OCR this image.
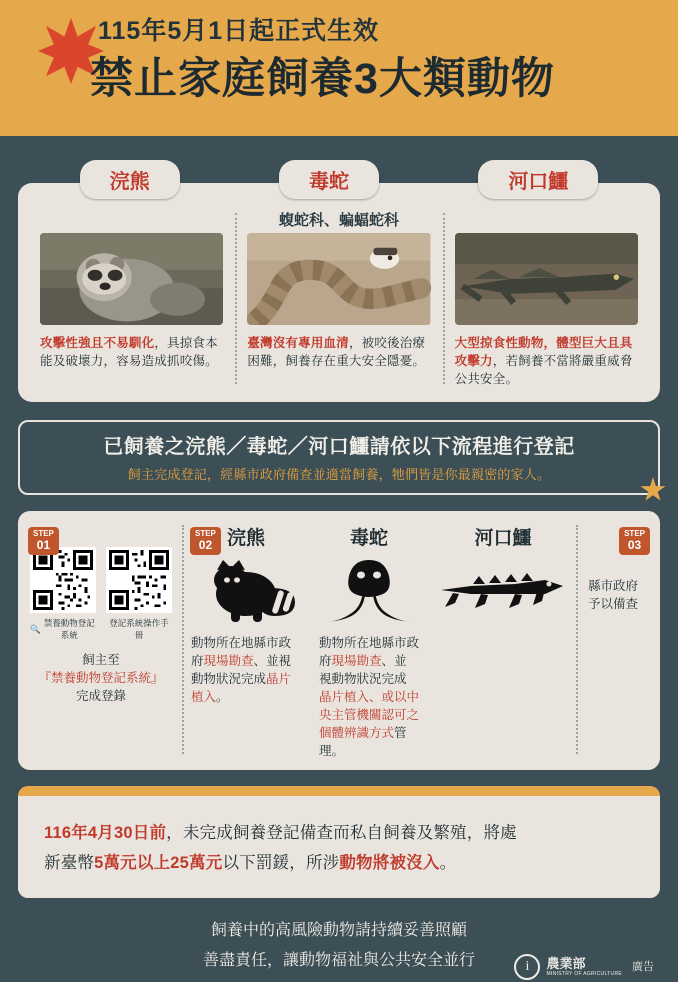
115年5月1日起正式生效
禁止家庭飼養3大類動物
浣熊	毒蛇	河口鱷
攻擊性強且不易馴化，具掠食本能及破壞力，容易造成抓咬傷。
蝮蛇科、蝙蝠蛇科
臺灣沒有專用血清，被咬後治療困難，飼養存在重大安全隱憂。
大型掠食性動物，體型巨大且具攻擊力，若飼養不當將嚴重威脅公共安全。
已飼養之浣熊／毒蛇／河口鱷請依以下流程進行登記
飼主完成登記，經縣市政府備查並適當飼養，牠們皆是你最親密的家人。
STEP
01
🔍
禁養動物登記系統
登記系統操作手冊
飼主至
『禁養動物登記系統』
完成登錄
STEP
02 浣熊
動物所在地縣市政府現場勘查、並視動物狀況完成晶片植入。
毒蛇
動物所在地縣市政府現場勘查、並視動物狀況完成晶片植入、或以中央主管機關認可之個體辨識方式管理。
河口鱷	STEP
03
縣市政府
予以備查

116年4月30日前，未完成飼養登記備查而私自飼養及繁殖，將處

新臺幣5萬元以上25萬元以下罰鍰，所涉動物將被沒入。

飼養中的高風險動物請持續妥善照顧
善盡責任，讓動物福祉與公共安全並行	i	農業部
MINISTRY OF AGRICULTURE
廣告
